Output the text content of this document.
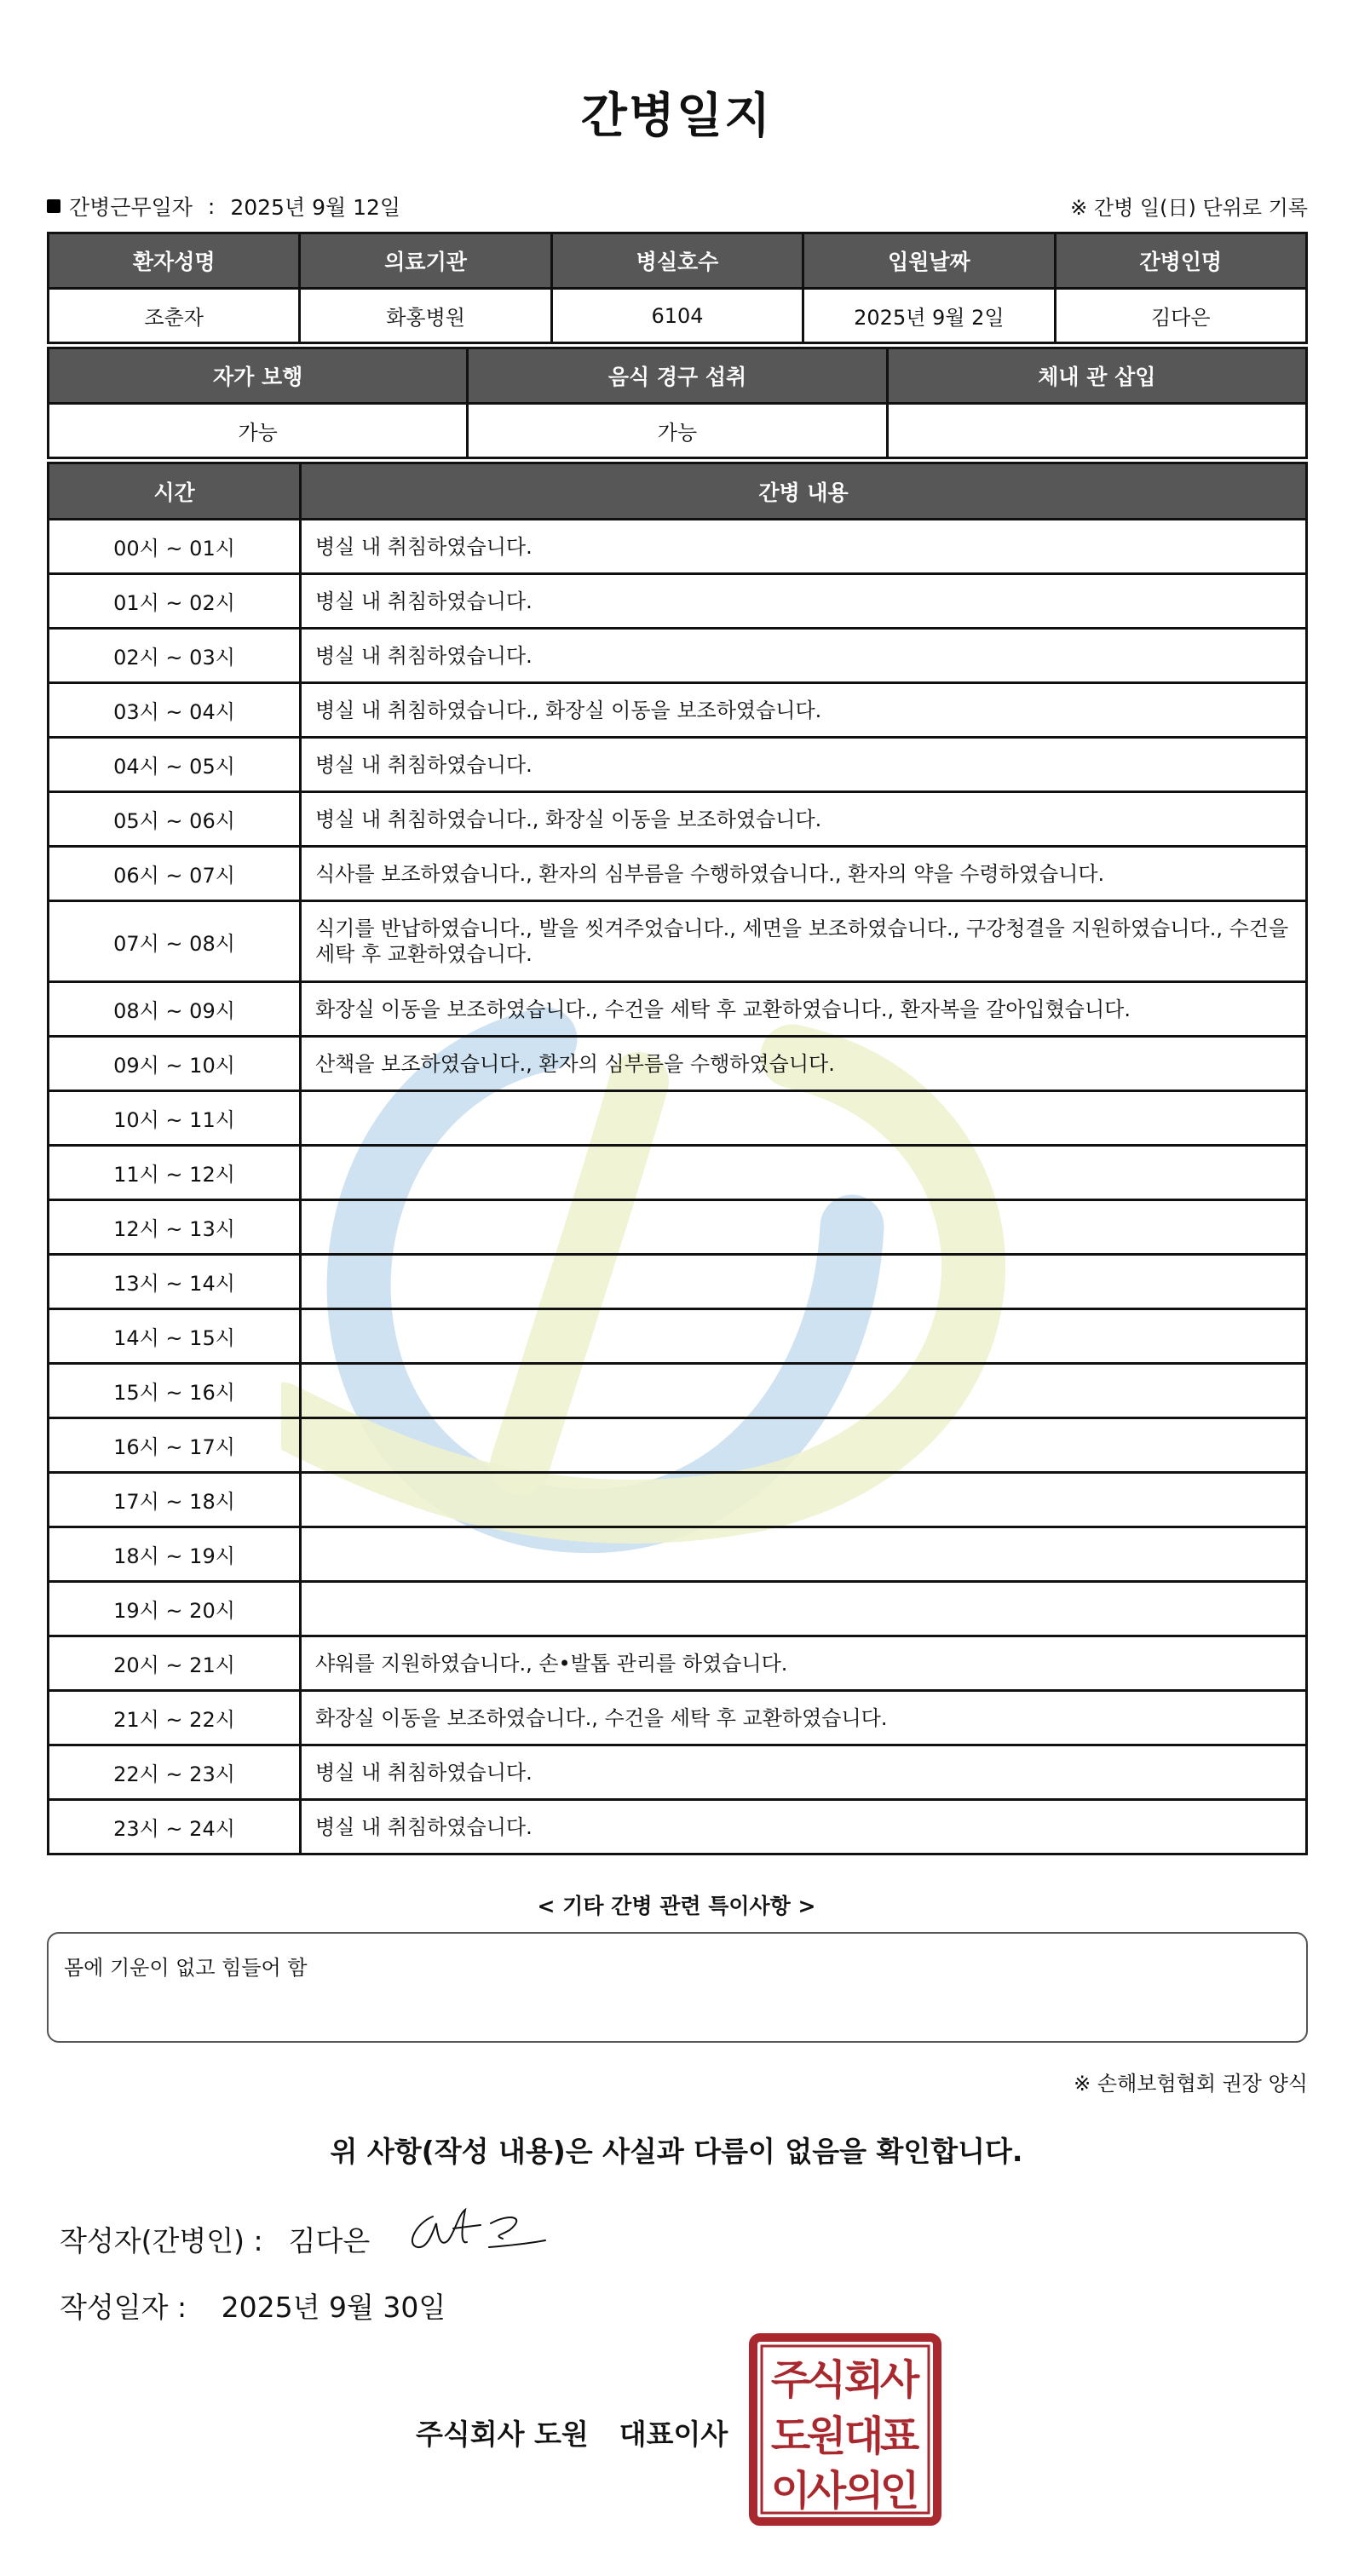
간병일지
간병근무일자 : 2025년 9월 12일	※ 간병 일(日) 단위로 기록
환자성명	의료기관	병실호수	입원날짜	간병인명
조춘자	화홍병원	6104	2025년 9월 2일	김다은
자가 보행	음식 경구 섭취	체내 관 삽입
가능	가능	
시간	간병 내용
00시 ~ 01시	병실 내 취침하였습니다.
01시 ~ 02시	병실 내 취침하였습니다.
02시 ~ 03시	병실 내 취침하였습니다.
03시 ~ 04시	병실 내 취침하였습니다., 화장실 이동을 보조하였습니다.
04시 ~ 05시	병실 내 취침하였습니다.
05시 ~ 06시	병실 내 취침하였습니다., 화장실 이동을 보조하였습니다.
06시 ~ 07시	식사를 보조하였습니다., 환자의 심부름을 수행하였습니다., 환자의 약을 수령하였습니다.
07시 ~ 08시	식기를 반납하였습니다., 발을 씻겨주었습니다., 세면을 보조하였습니다., 구강청결을 지원하였습니다., 수건을 세탁 후 교환하였습니다.
08시 ~ 09시	화장실 이동을 보조하였습니다., 수건을 세탁 후 교환하였습니다., 환자복을 갈아입혔습니다.
09시 ~ 10시	산책을 보조하였습니다., 환자의 심부름을 수행하였습니다.
10시 ~ 11시	
11시 ~ 12시	
12시 ~ 13시	
13시 ~ 14시	
14시 ~ 15시	
15시 ~ 16시	
16시 ~ 17시	
17시 ~ 18시	
18시 ~ 19시	
19시 ~ 20시	
20시 ~ 21시	샤워를 지원하였습니다., 손•발톱 관리를 하였습니다.
21시 ~ 22시	화장실 이동을 보조하였습니다., 수건을 세탁 후 교환하였습니다.
22시 ~ 23시	병실 내 취침하였습니다.
23시 ~ 24시	병실 내 취침하였습니다.
< 기타 간병 관련 특이사항 >
몸에 기운이 없고 힘들어 함
※ 손해보험협회 권장 양식
위 사항(작성 내용)은 사실과 다름이 없음을 확인합니다.
작성자(간병인) : 김다은
작성일자 : 2025년 9월 30일
주식회사 도원 대표이사
주
식
회
사
도
원
대
표
이
사
의
인
